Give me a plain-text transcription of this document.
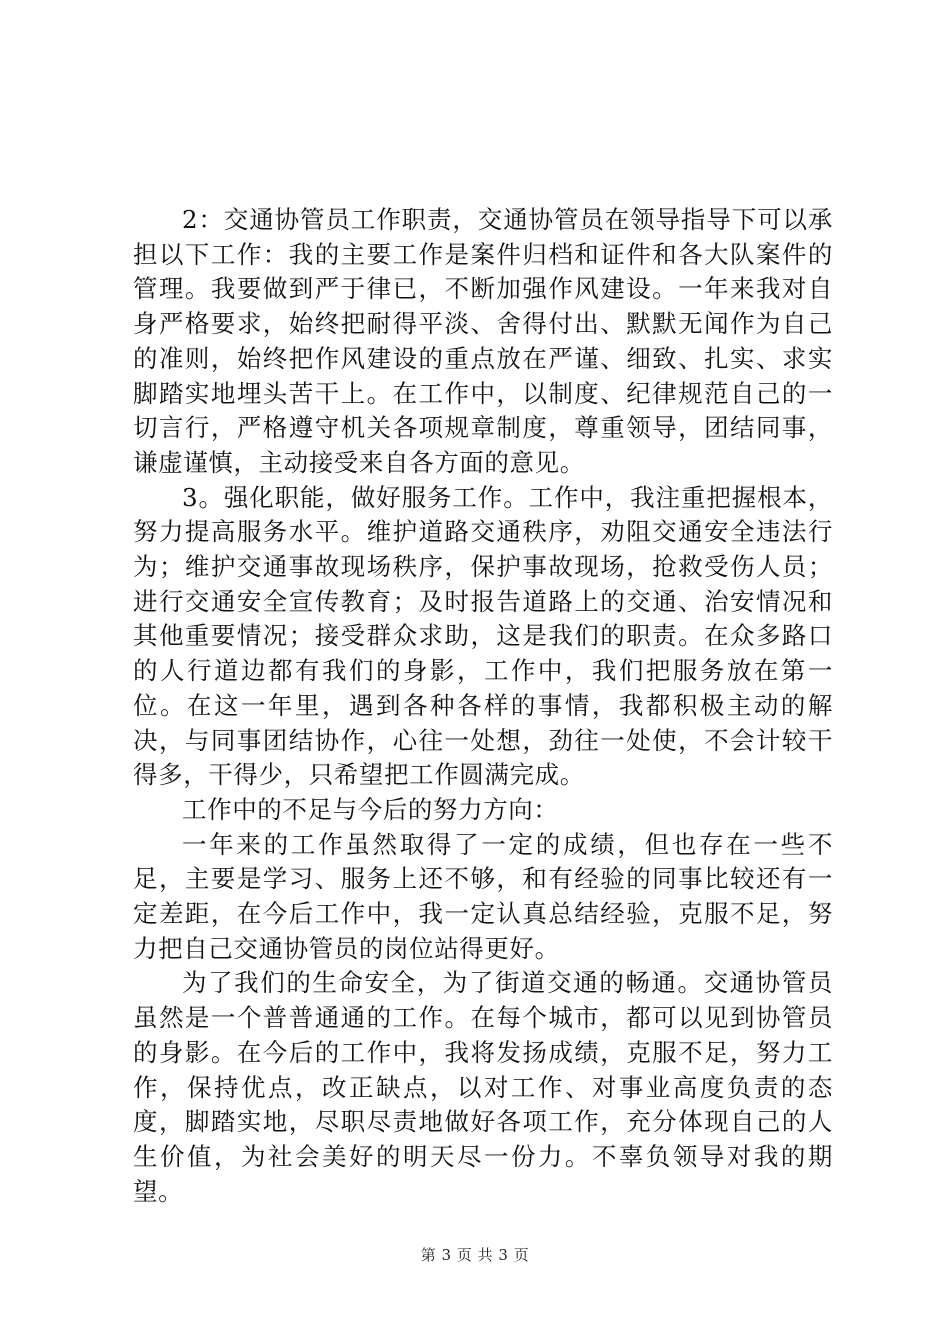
2：交通协管员工作职责，交通协管员在领导指导下可以承担以下工作：我的主要工作是案件归档和证件和各大队案件的管理。我要做到严于律已，不断加强作风建设。一年来我对自身严格要求，始终把耐得平淡、舍得付出、默默无闻作为自己的准则，始终把作风建设的重点放在严谨、细致、扎实、求实脚踏实地埋头苦干上。在工作中，以制度、纪律规范自己的一切言行，严格遵守机关各项规章制度，尊重领导，团结同事，谦虚谨慎，主动接受来自各方面的意见。

3。强化职能，做好服务工作。工作中，我注重把握根本，努力提高服务水平。维护道路交通秩序，劝阻交通安全违法行为；维护交通事故现场秩序，保护事故现场，抢救受伤人员；进行交通安全宣传教育；及时报告道路上的交通、治安情况和其他重要情况；接受群众求助，这是我们的职责。在众多路口的人行道边都有我们的身影，工作中，我们把服务放在第一位。在这一年里，遇到各种各样的事情，我都积极主动的解决，与同事团结协作，心往一处想，劲往一处使，不会计较干得多，干得少，只希望把工作圆满完成。

工作中的不足与今后的努力方向：

一年来的工作虽然取得了一定的成绩，但也存在一些不足，主要是学习、服务上还不够，和有经验的同事比较还有一定差距，在今后工作中，我一定认真总结经验，克服不足，努力把自己交通协管员的岗位站得更好。

为了我们的生命安全，为了街道交通的畅通。交通协管员虽然是一个普普通通的工作。在每个城市，都可以见到协管员的身影。在今后的工作中，我将发扬成绩，克服不足，努力工作，保持优点，改正缺点，以对工作、对事业高度负责的态度，脚踏实地，尽职尽责地做好各项工作，充分体现自己的人生价值，为社会美好的明天尽一份力。不辜负领导对我的期望。

第 3 页 共 3 页
